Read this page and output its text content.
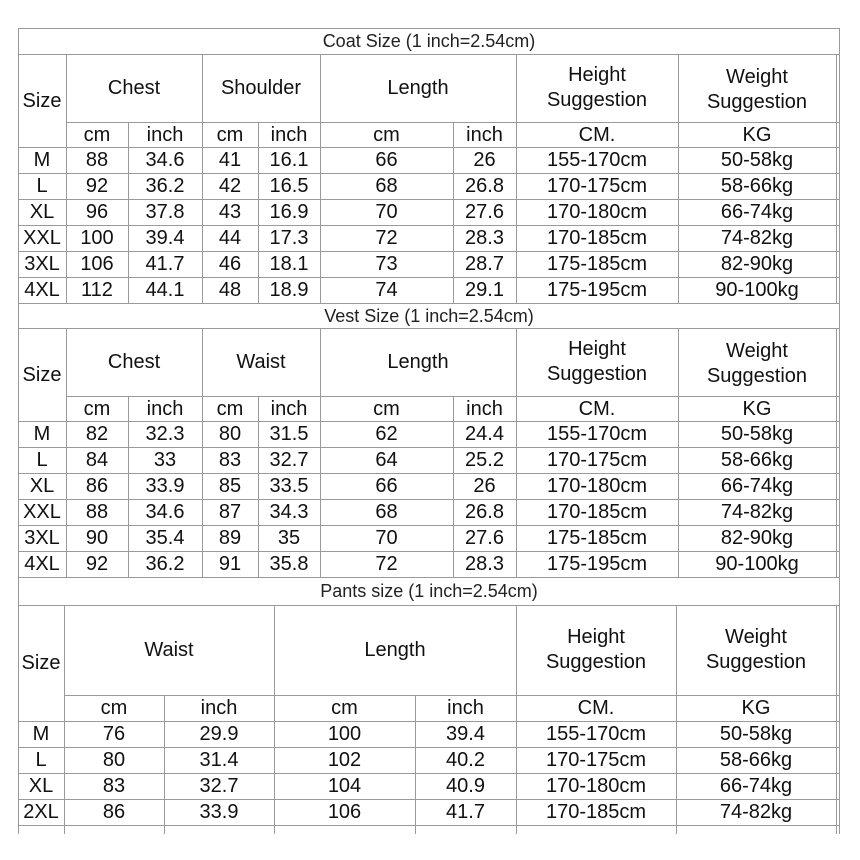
Coat Size (1 inch=2.54cm)
Size
Chest	Shoulder	Length
Height Suggestion
Weight Suggestion
cm	inch	cm	inch	cm	inch	CM.	KG
M	88	34.6	41	16.1	66	26	155-170cm	50-58kg
L	92	36.2	42	16.5	68	26.8	170-175cm	58-66kg
XL	96	37.8	43	16.9	70	27.6	170-180cm	66-74kg
XXL 100	39.4	44	17.3	72	28.3	170-185cm	74-82kg
3XL	106	41.7	46	18.1	73	28.7	175-185cm	82-90kg
4XL	112	44.1	48	18.9	74	29.1	175-195cm	90-100kg
Vest Size (1 inch=2.54cm)
Size
Chest	Waist	Length
Height Suggestion
Weight Suggestion
cm	inch	cm	inch	cm	inch	CM.	KG
M	82	32.3	80	31.5	62	24.4	155-170cm	50-58kg
L	84	33	83	32.7	64	25.2	170-175cm	58-66kg
XL	86	33.9	85	33.5	66	26	170-180cm	66-74kg
XXL	88	34.6	87	34.3	68	26.8	170-185cm	74-82kg
3XL	90	35.4	89	35	70	27.6	175-185cm	82-90kg
4XL	92	36.2	91	35.8	72	28.3	175-195cm	90-100kg
Pants size (1 inch=2.54cm)
Size
Waist	Length
Height Suggestion
Weight Suggestion
cm	inch	cm	inch	CM.	KG
M	76	29.9	100	39.4	155-170cm	50-58kg
L	80	31.4	102	40.2	170-175cm	58-66kg
XL	83	32.7	104	40.9	170-180cm	66-74kg
2XL	86	33.9	106	41.7	170-185cm	74-82kg
